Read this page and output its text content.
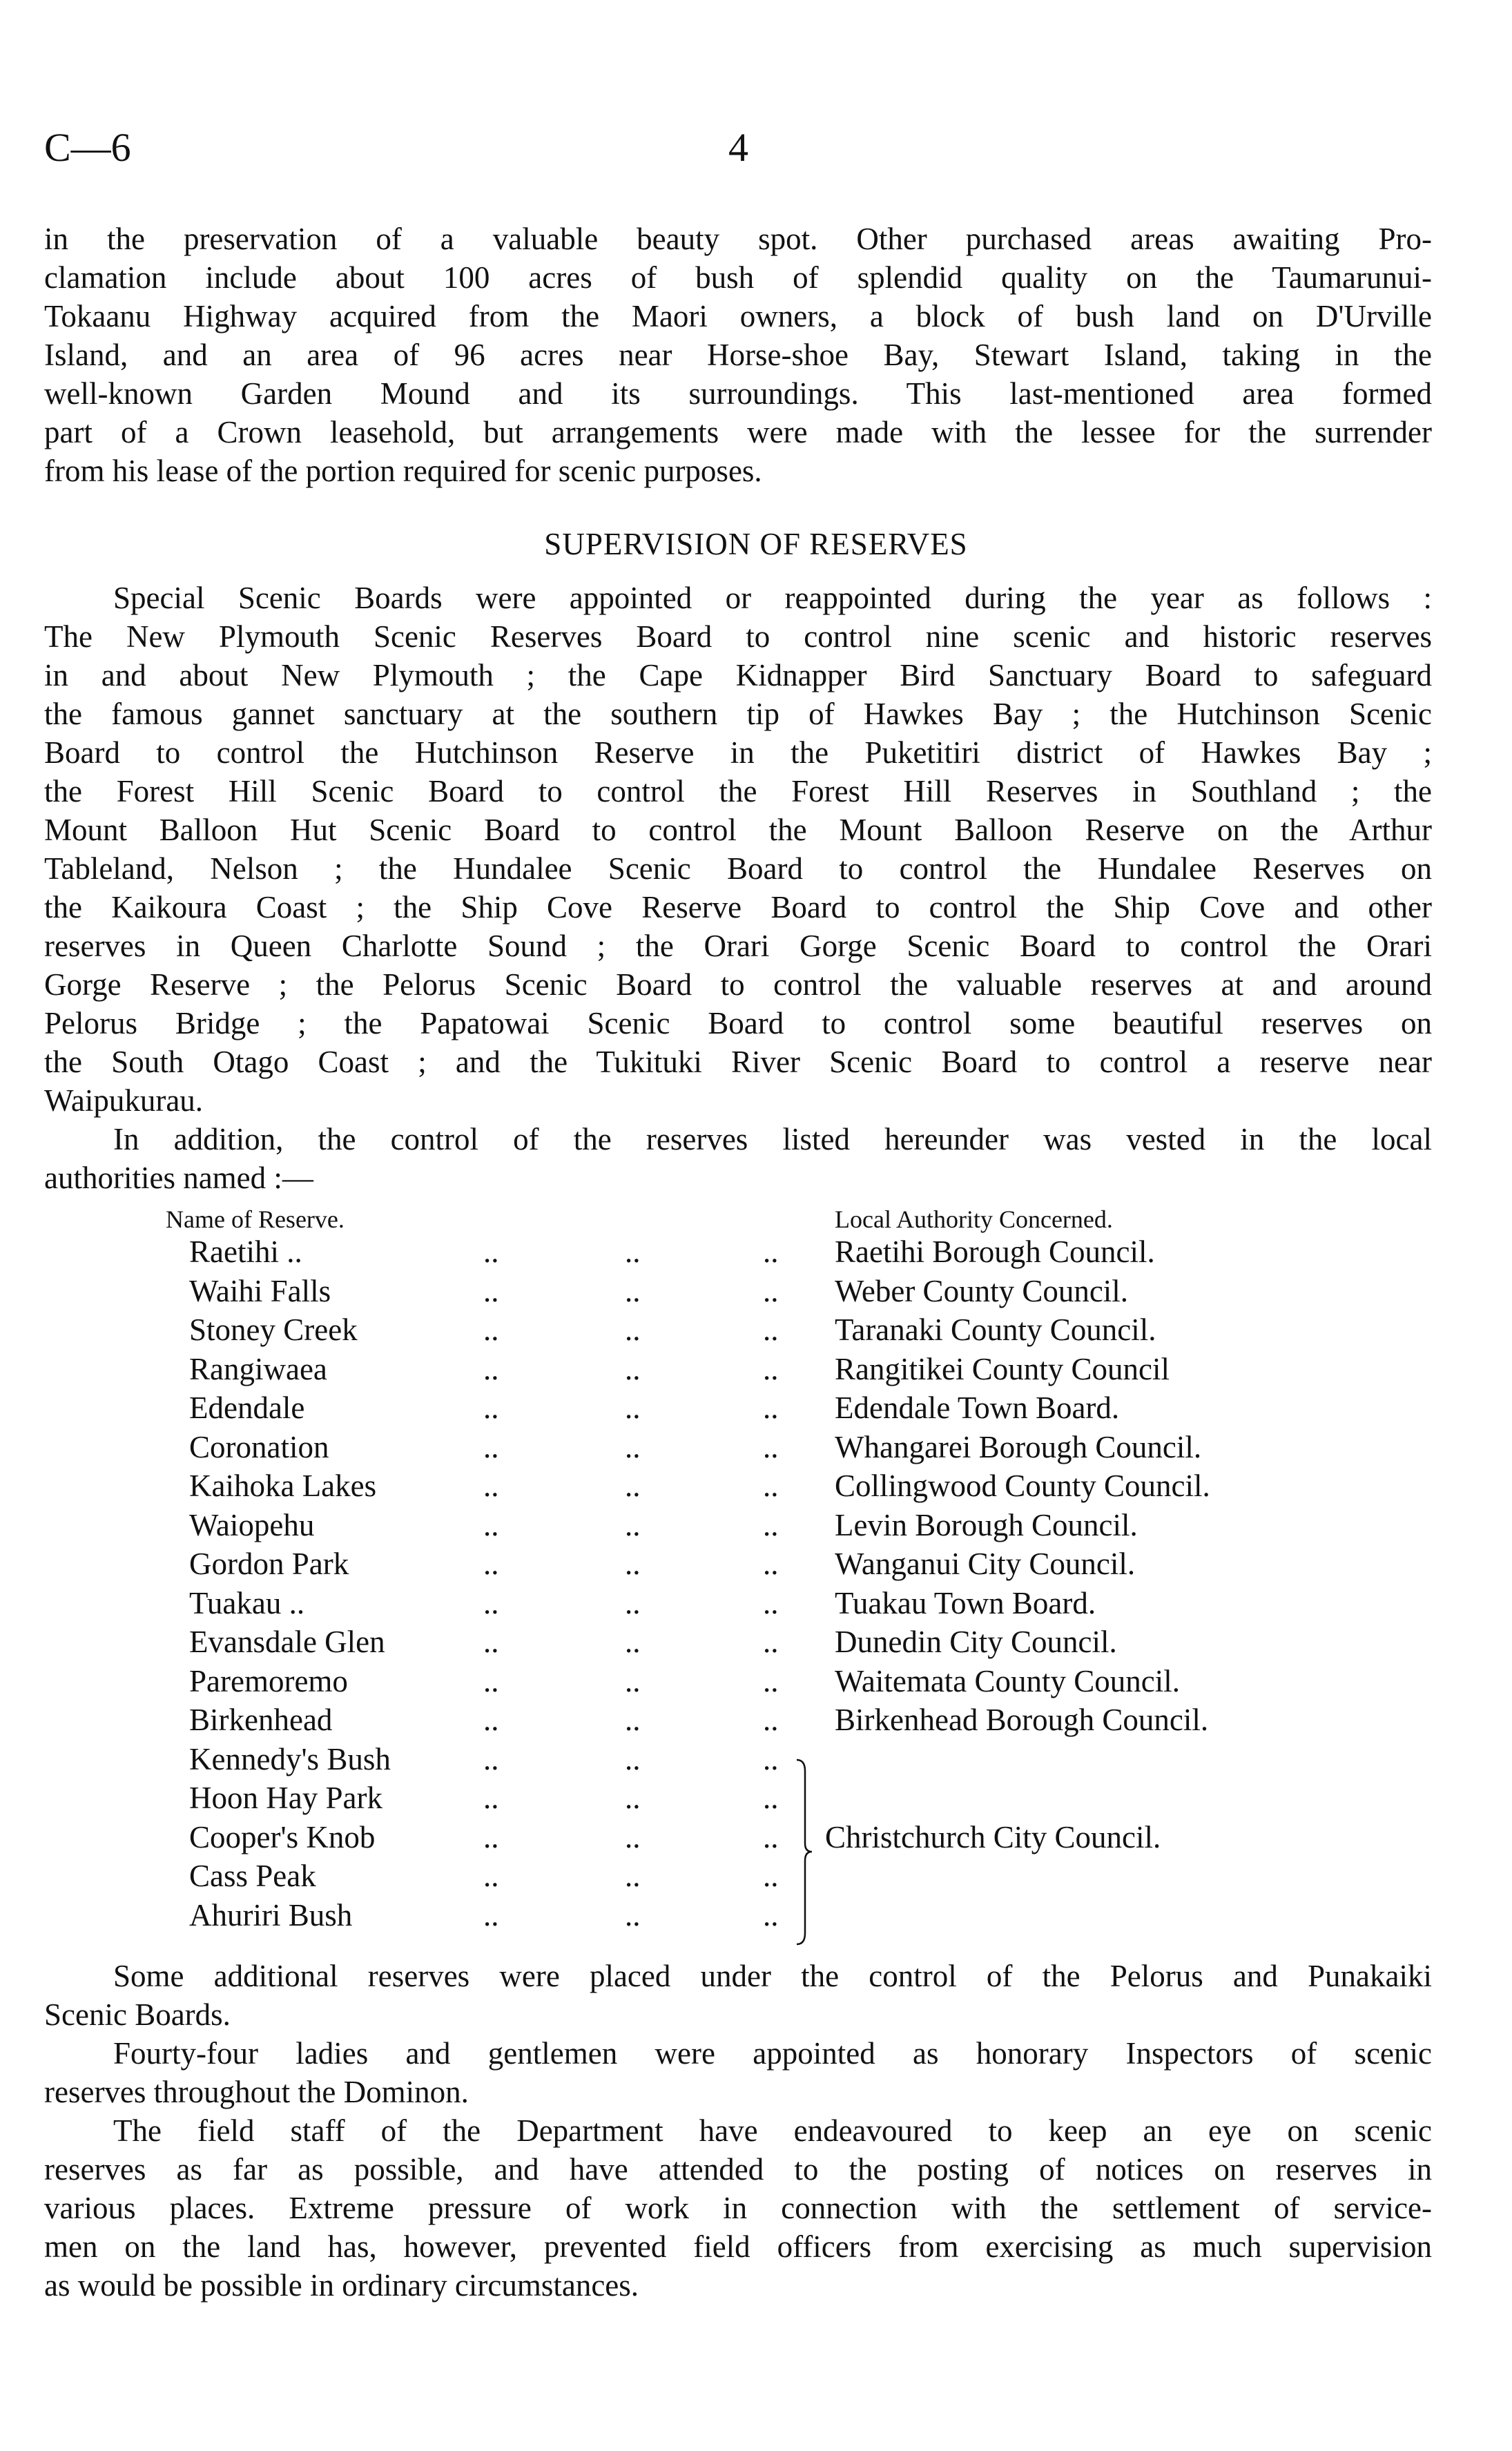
C—6	4
in the preservation of a valuable beauty spot. Other purchased areas awaiting Pro-
clamation include about 100 acres of bush of splendid quality on the Taumarunui-
Tokaanu Highway acquired from the Maori owners, a block of bush land on D'Urville
Island, and an area of 96 acres near Horse-shoe Bay, Stewart Island, taking in the
well-known Garden Mound and its surroundings. This last-mentioned area formed
part of a Crown leasehold, but arrangements were made with the lessee for the surrender
from his lease of the portion required for scenic purposes.
SUPERVISION OF RESERVES
Special Scenic Boards were appointed or reappointed during the year as follows :
The New Plymouth Scenic Reserves Board to control nine scenic and historic reserves
in and about New Plymouth ; the Cape Kidnapper Bird Sanctuary Board to safeguard
the famous gannet sanctuary at the southern tip of Hawkes Bay ; the Hutchinson Scenic
Board to control the Hutchinson Reserve in the Puketitiri district of Hawkes Bay ;
the Forest Hill Scenic Board to control the Forest Hill Reserves in Southland ; the
Mount Balloon Hut Scenic Board to control the Mount Balloon Reserve on the Arthur
Tableland, Nelson ; the Hundalee Scenic Board to control the Hundalee Reserves on
the Kaikoura Coast ; the Ship Cove Reserve Board to control the Ship Cove and other
reserves in Queen Charlotte Sound ; the Orari Gorge Scenic Board to control the Orari
Gorge Reserve ; the Pelorus Scenic Board to control the valuable reserves at and around
Pelorus Bridge ; the Papatowai Scenic Board to control some beautiful reserves on
the South Otago Coast ; and the Tukituki River Scenic Board to control a reserve near
Waipukurau.
In addition, the control of the reserves listed hereunder was vested in the local
authorities named :—
Name of Reserve.	Local Authority Concerned.
Raetihi ..	..	..	.. Raetihi Borough Council.
Waihi Falls	..	..	.. Weber County Council.
Stoney Creek	..	..	.. Taranaki County Council.
Rangiwaea	..	..	.. Rangitikei County Council
Edendale	..	..	.. Edendale Town Board.
Coronation	..	..	.. Whangarei Borough Council.
Kaihoka Lakes	..	..	.. Collingwood County Council.
Waiopehu	..	..	.. Levin Borough Council.
Gordon Park	..	..	.. Wanganui City Council.
Tuakau ..	..	..	.. Tuakau Town Board.
Evansdale Glen	..	..	.. Dunedin City Council.
Paremoremo	..	..	.. Waitemata County Council.
Birkenhead	..	..	.. Birkenhead Borough Council.
Kennedy's Bush	..	..	..
Hoon Hay Park	..	..	..
Cooper's Knob	..	..	.. Christchurch City Council.
Cass Peak	..	..	..
Ahuriri Bush	..	..	..
Some additional reserves were placed under the control of the Pelorus and Punakaiki
Scenic Boards.
Fourty-four ladies and gentlemen were appointed as honorary Inspectors of scenic
reserves throughout the Dominon.
The field staff of the Department have endeavoured to keep an eye on scenic
reserves as far as possible, and have attended to the posting of notices on reserves in
various places. Extreme pressure of work in connection with the settlement of service-
men on the land has, however, prevented field officers from exercising as much supervision
as would be possible in ordinary circumstances.
